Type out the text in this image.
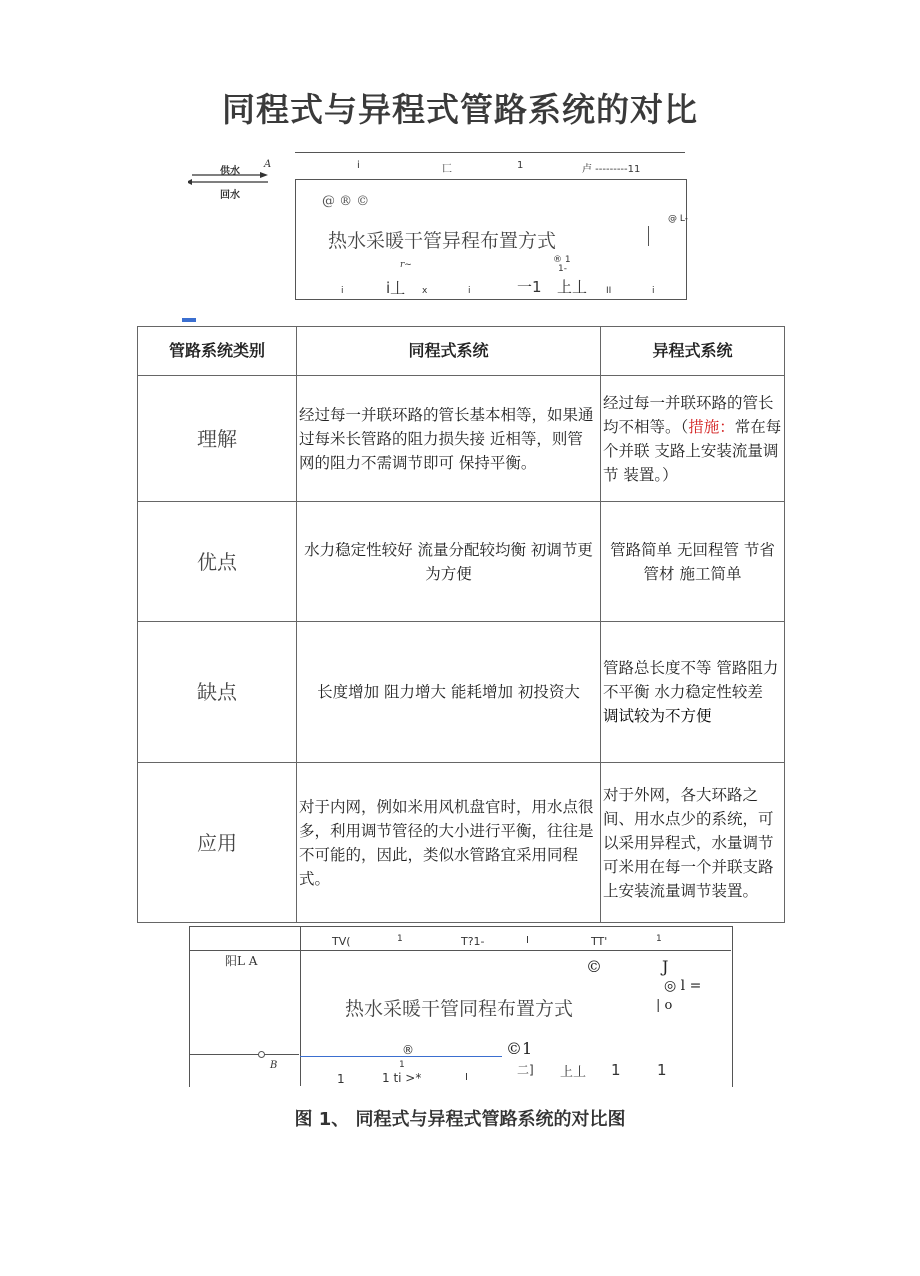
同程式与异程式管路系统的对比
供水
回水
A	i	匸	1	卢 ---------11
@ ® ©
@ L-
热水采暖干管异程布置方式
r~	® 1
1-
i	i丄 x	i	一1 上丄 II	i
管路系统类别	同程式系统	异程式系统
理解	经过每一并联环路的管长基本相等，如果通过每米长管路的阻力损失接 近相等，则管网的阻力不需调节即可 保持平衡。	经过每一并联环路的管长均不相等。（措施：常在每个并联 支路上安装流量调节 装置。）
优点	水力稳定性较好 流量分配较均衡 初调节更为方便	管路简单 无回程管 节省管材 施工简单
缺点	长度增加 阻力增大 能耗增加 初投资大	管路总长度不等 管路阻力不平衡 水力稳定性较差 调试较为不方便
应用	对于内网，例如米用风机盘官时，用水点很多，利用调节管径的大小进行平衡，往往是不可能的，因此，类似水管路宜采用同程式。	对于外网，各大环路之间、用水点少的系统，可以采用异程式，水量调节可米用在每一个并联支路上安装流量调节装置。
TV(	1	T?1-	I	TT'	1
阳L A	©	J
◎ l =
| o
热水采暖干管同程布置方式
®	©1
B	1
1	1 ti >*	I
二] 上丄 1 1
图 1、 同程式与异程式管路系统的对比图
